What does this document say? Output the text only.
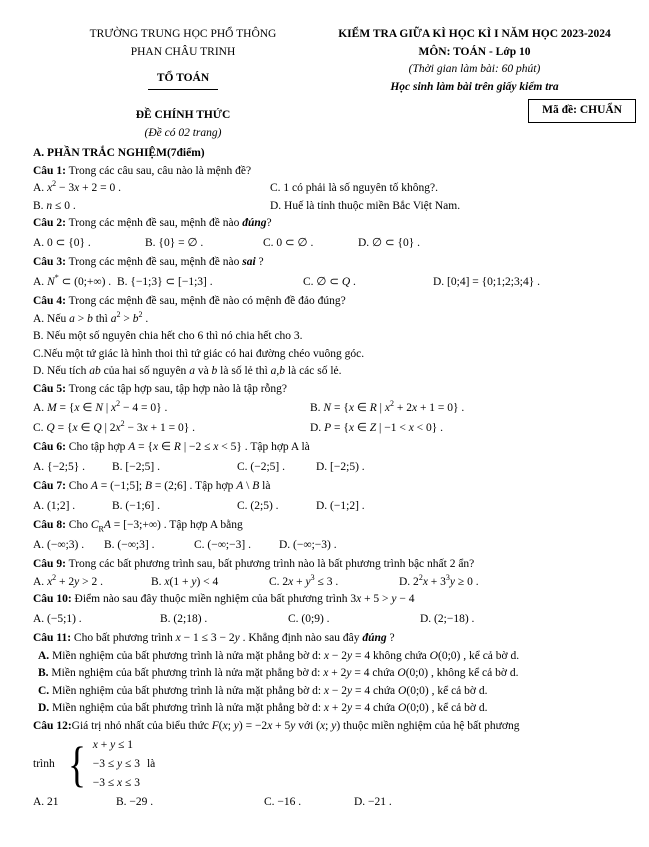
TRƯỜNG TRUNG HỌC PHỔ THÔNG
PHAN CHÂU TRINH
TỔ TOÁN
KIỂM TRA GIỮA KÌ HỌC KÌ I NĂM HỌC 2023-2024
MÔN: TOÁN - Lớp 10
(Thời gian làm bài: 60 phút)
Học sinh làm bài trên giấy kiểm tra
ĐỀ CHÍNH THỨC
(Đề có 02 trang)
Mã đề: CHUẨN
A. PHẦN TRẮC NGHIỆM(7điểm)
Câu 1: Trong các câu sau, câu nào là mệnh đề?
A. $x^2 - 3x + 2 = 0$ .	C. 1 có phải là số nguyên tố không?.
B. n ≤ 0 .	D. Huế là tỉnh thuộc miền Bắc Việt Nam.
Câu 2: Trong các mệnh đề sau, mệnh đề nào đúng?
A. 0 ⊂ {0} .	B. {0} = ∅ .	C. 0 ⊂ ∅ .	D. ∅ ⊂ {0} .
Câu 3: Trong các mệnh đề sau, mệnh đề nào sai ?
A. N* ⊂ (0;+∞) . B. {−1;3} ⊂ [−1;3] .	C. ∅ ⊂ Q .	D. [0;4] = {0;1;2;3;4} .
Câu 4: Trong các mệnh đề sau, mệnh đề nào có mệnh đề đảo đúng?
A. Nếu a > b thì $a^2 > b^2$ .
B. Nếu một số nguyên chia hết cho 6 thì nó chia hết cho 3.
C.Nếu một tứ giác là hình thoi thì tứ giác có hai đường chéo vuông góc.
D. Nếu tích ab của hai số nguyên a và b là số lẻ thì a,b là các số lẻ.
Câu 5: Trong các tập hợp sau, tập hợp nào là tập rỗng?
A. M = {x ∈ N | $x^2 - 4 = 0$} .	B. N = {x ∈ R | $x^2 + 2x + 1 = 0$} .
C. Q = {x ∈ Q | $2x^2 - 3x + 1 = 0$} .	D. P = {x ∈ Z | −1 < x < 0} .
Câu 6: Cho tập hợp A = {x ∈ R | −2 ≤ x < 5} . Tập hợp A là
A. {−2;5} .	B. [−2;5] .	C. (−2;5] .	D. [−2;5) .
Câu 7: Cho A = (−1;5]; B = (2;6] . Tập hợp A \ B là
A. (1;2] .	B. (−1;6] .	C. (2;5) .	D. (−1;2] .
Câu 8: Cho $C_RA$ = [−3;+∞) . Tập hợp A bằng
A. (−∞;3) .	B. (−∞;3] .	C. (−∞;−3] .	D. (−∞;−3) .
Câu 9: Trong các bất phương trình sau, bất phương trình nào là bất phương trình bậc nhất 2 ẩn?
A. $x^2 + 2y > 2$ .	B. x(1 + y) < 4	C. $2x + y^3 \le 3$ .	D. $2^2x + 3^3y \ge 0$ .
Câu 10: Điểm nào sau đây thuộc miền nghiệm của bất phương trình 3x + 5 > y − 4
A. (−5;1) .	B. (2;18) .	C. (0;9) .	D. (2;−18) .
Câu 11: Cho bất phương trình x − 1 ≤ 3 − 2y . Khẳng định nào sau đây đúng ?
A. Miền nghiệm của bất phương trình là nửa mặt phẳng bờ d: x − 2y = 4 không chứa O(0;0) , kể cả bờ d.
B. Miền nghiệm của bất phương trình là nửa mặt phẳng bờ d: x + 2y = 4 chứa O(0;0) , không kể cả bờ d.
C. Miền nghiệm của bất phương trình là nửa mặt phẳng bờ d: x − 2y = 4 chứa O(0;0) , kể cả bờ d.
D. Miền nghiệm của bất phương trình là nửa mặt phẳng bờ d: x + 2y = 4 chứa O(0;0) , kể cả bờ d.
Câu 12:Giá trị nhỏ nhất của biểu thức F(x; y) = −2x + 5y với (x; y) thuộc miền nghiệm của hệ bất phương
trình { x + y ≤ 1
−3 ≤ y ≤ 3
−3 ≤ x ≤ 3
là
A. 21	B. −29 .	C. −16 .	D. −21 .
